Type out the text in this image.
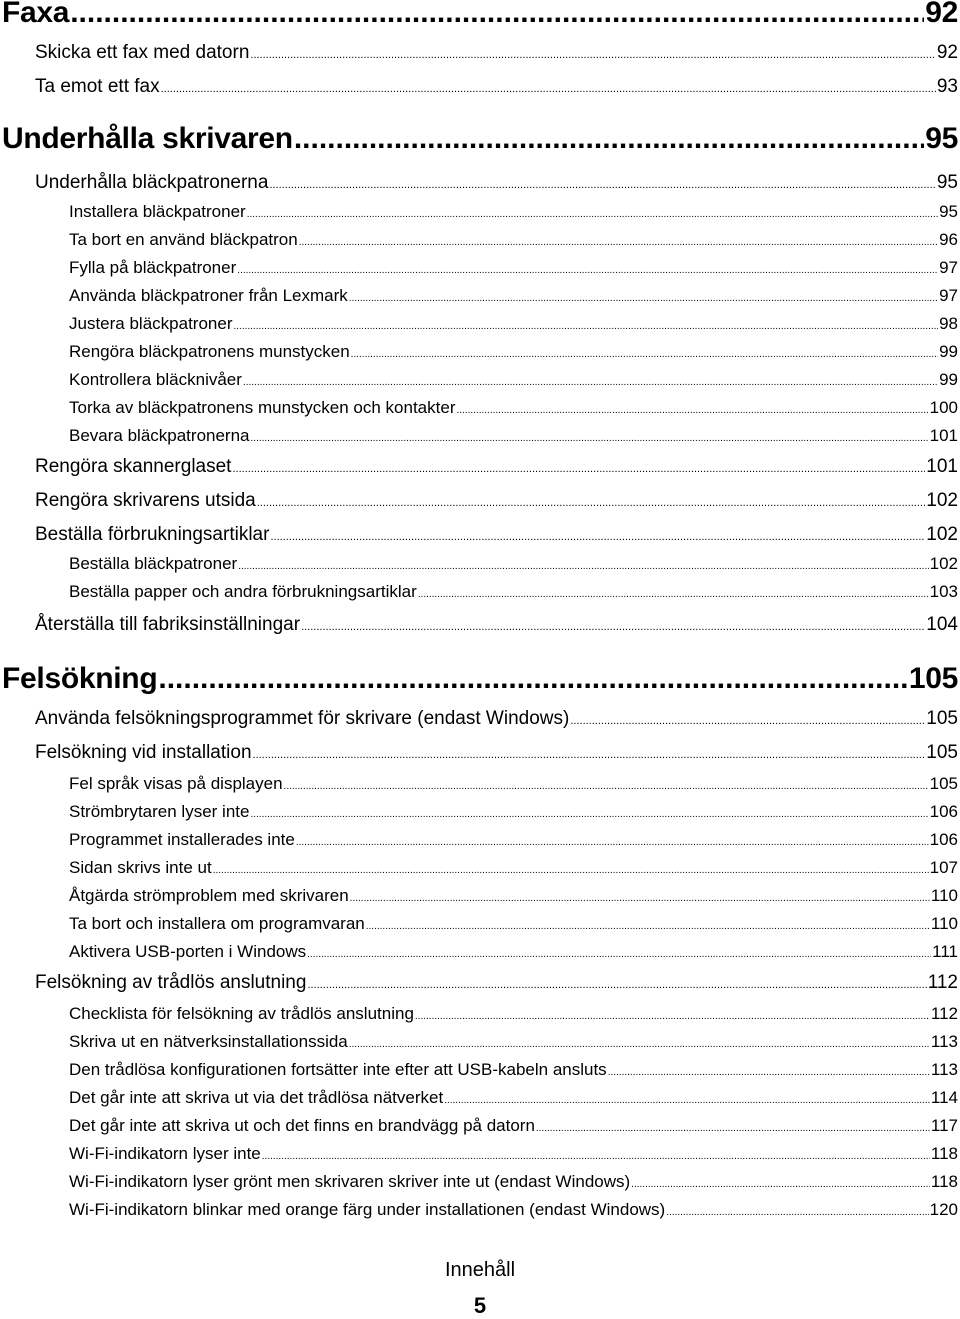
Faxa .....	92
Skicka ett fax med datorn .....	92
Ta emot ett fax .....	93
Underhålla skrivaren .....	95
Underhålla bläckpatronerna .....	95
Installera bläckpatroner .....	95
Ta bort en använd bläckpatron .....	96
Fylla på bläckpatroner .....	97
Använda bläckpatroner från Lexmark .....	97
Justera bläckpatroner .....	98
Rengöra bläckpatronens munstycken .....	99
Kontrollera bläcknivåer .....	99
Torka av bläckpatronens munstycken och kontakter .....	100
Bevara bläckpatronerna .....	101
Rengöra skannerglaset .....	101
Rengöra skrivarens utsida .....	102
Beställa förbrukningsartiklar .....	102
Beställa bläckpatroner .....	102
Beställa papper och andra förbrukningsartiklar .....	103
Återställa till fabriksinställningar .....	104
Felsökning .....	105
Använda felsökningsprogrammet för skrivare (endast Windows) .....	105
Felsökning vid installation .....	105
Fel språk visas på displayen .....	105
Strömbrytaren lyser inte .....	106
Programmet installerades inte .....	106
Sidan skrivs inte ut .....	107
Åtgärda strömproblem med skrivaren .....	110
Ta bort och installera om programvaran .....	110
Aktivera USB-porten i Windows .....	111
Felsökning av trådlös anslutning .....	112
Checklista för felsökning av trådlös anslutning .....	112
Skriva ut en nätverksinstallationssida .....	113
Den trådlösa konfigurationen fortsätter inte efter att USB-kabeln ansluts .....	113
Det går inte att skriva ut via det trådlösa nätverket .....	114
Det går inte att skriva ut och det finns en brandvägg på datorn .....	117
Wi-Fi-indikatorn lyser inte .....	118
Wi-Fi-indikatorn lyser grönt men skrivaren skriver inte ut (endast Windows) .....	118
Wi-Fi-indikatorn blinkar med orange färg under installationen (endast Windows) .....	120
Innehåll
5
